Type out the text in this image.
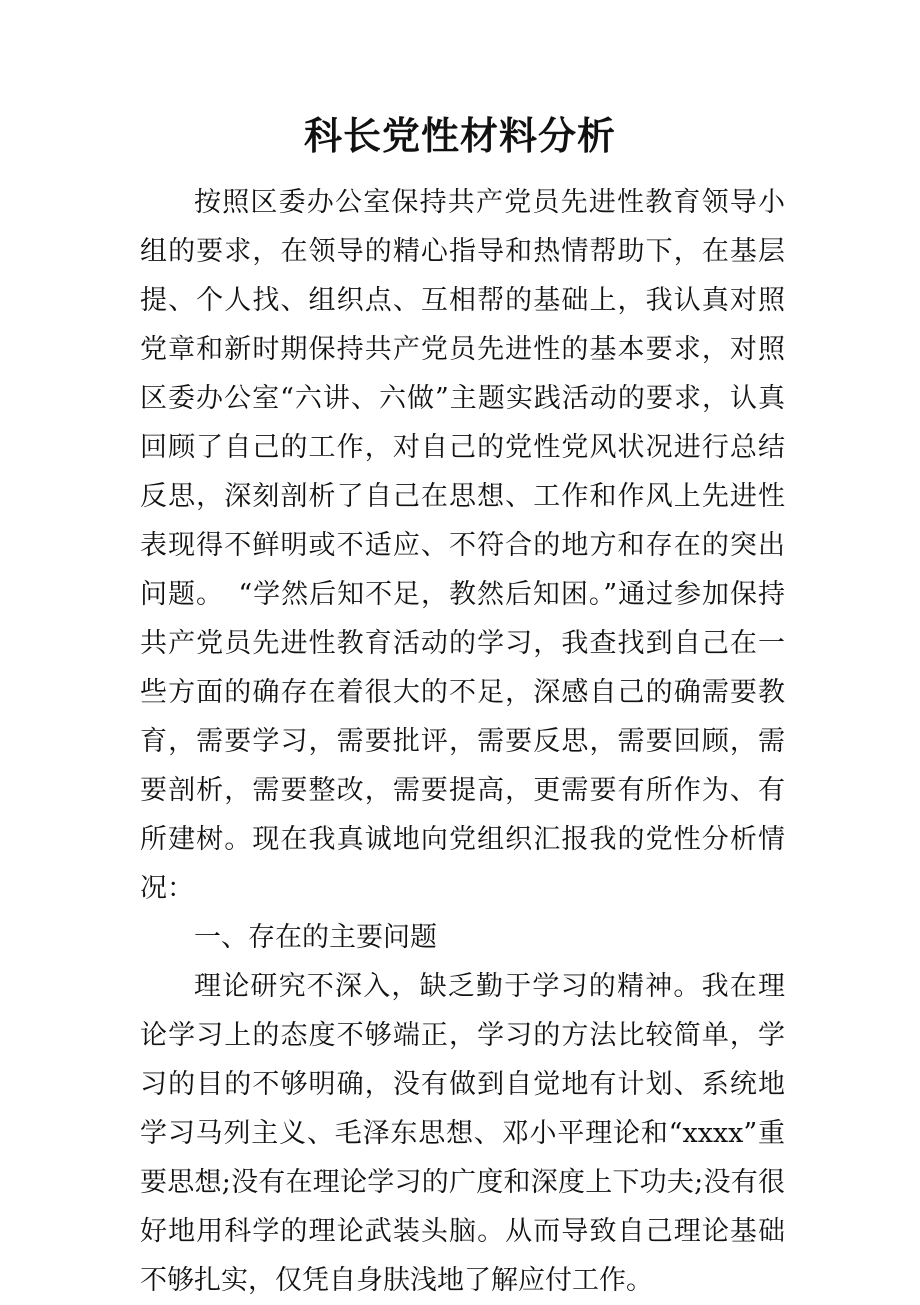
科长党性材料分析

按照区委办公室保持共产党员先进性教育领导小组的要求，在领导的精心指导和热情帮助下，在基层提、个人找、组织点、互相帮的基础上，我认真对照党章和新时期保持共产党员先进性的基本要求，对照区委办公室“六讲、六做”主题实践活动的要求，认真回顾了自己的工作，对自己的党性党风状况进行总结反思，深刻剖析了自己在思想、工作和作风上先进性表现得不鲜明或不适应、不符合的地方和存在的突出问题。　“学然后知不足，教然后知困。”通过参加保持共产党员先进性教育活动的学习，我查找到自己在一些方面的确存在着很大的不足，深感自己的确需要教育，需要学习，需要批评，需要反思，需要回顾，需要剖析，需要整改，需要提高，更需要有所作为、有所建树。现在我真诚地向党组织汇报我的党性分析情况：

一、存在的主要问题

理论研究不深入，缺乏勤于学习的精神。我在理论学习上的态度不够端正，学习的方法比较简单，学习的目的不够明确，没有做到自觉地有计划、系统地学习马列主义、毛泽东思想、邓小平理论和“xxxx”重要思想;没有在理论学习的广度和深度上下功夫;没有很好地用科学的理论武装头脑。从而导致自己理论基础不够扎实，仅凭自身肤浅地了解应付工作。
